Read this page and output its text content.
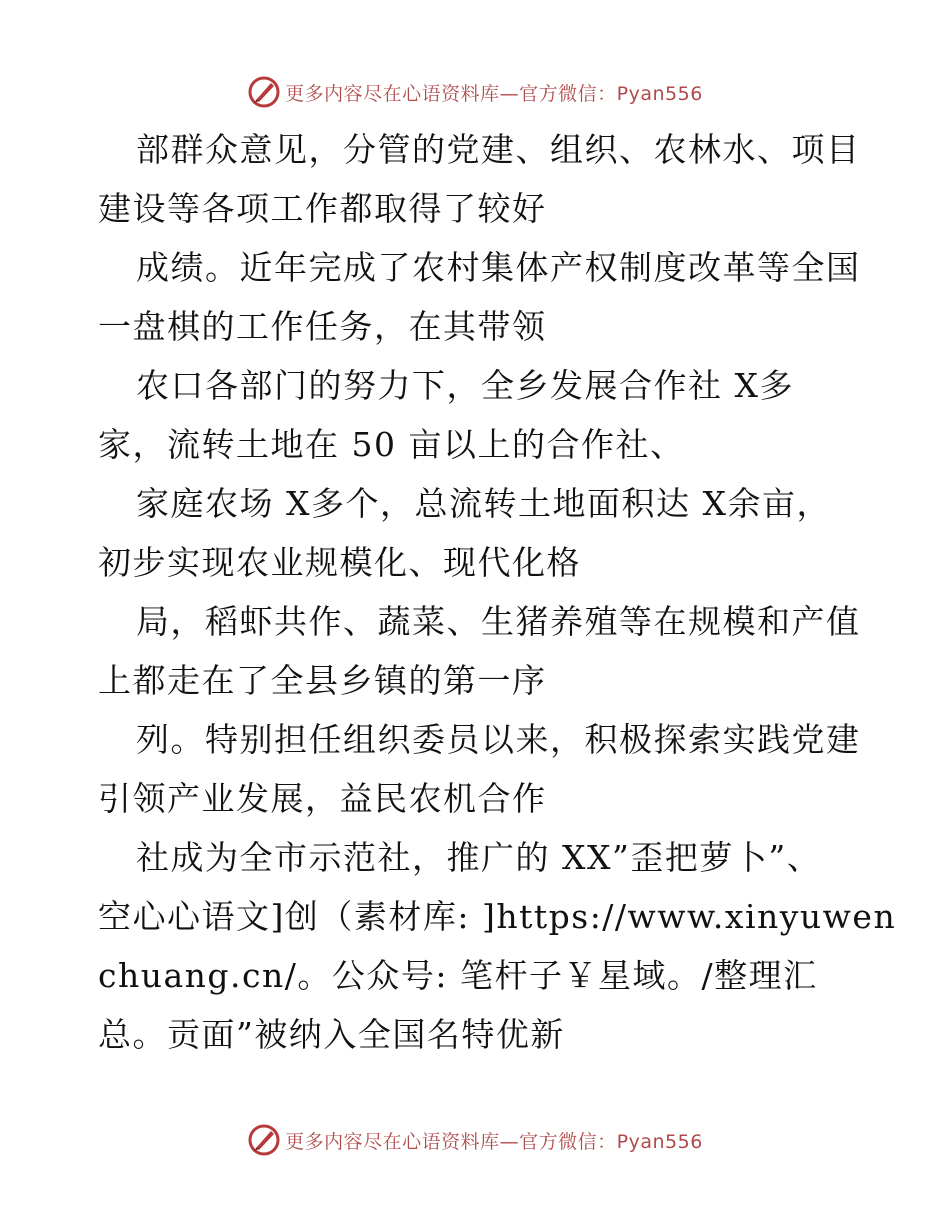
更多内容尽在心语资料库—官方微信：Pyan556
部群众意见，分管的党建、组织、农林水、项目
建设等各项工作都取得了较好
成绩。近年完成了农村集体产权制度改革等全国
一盘棋的工作任务，在其带领
农口各部门的努力下，全乡发展合作社 X多
家，流转土地在 50 亩以上的合作社、
家庭农场 X多个，总流转土地面积达 X余亩，
初步实现农业规模化、现代化格
局，稻虾共作、蔬菜、生猪养殖等在规模和产值
上都走在了全县乡镇的第一序
列。特别担任组织委员以来，积极探索实践党建
引领产业发展，益民农机合作
社成为全市示范社，推广的 XX”歪把萝卜”、
空心心语文]创（素材库: ]https://www.xinyuwen
chuang.cn/。公众号: 笔杆子￥星域。/整理汇
总。贡面”被纳入全国名特优新
更多内容尽在心语资料库—官方微信：Pyan556
